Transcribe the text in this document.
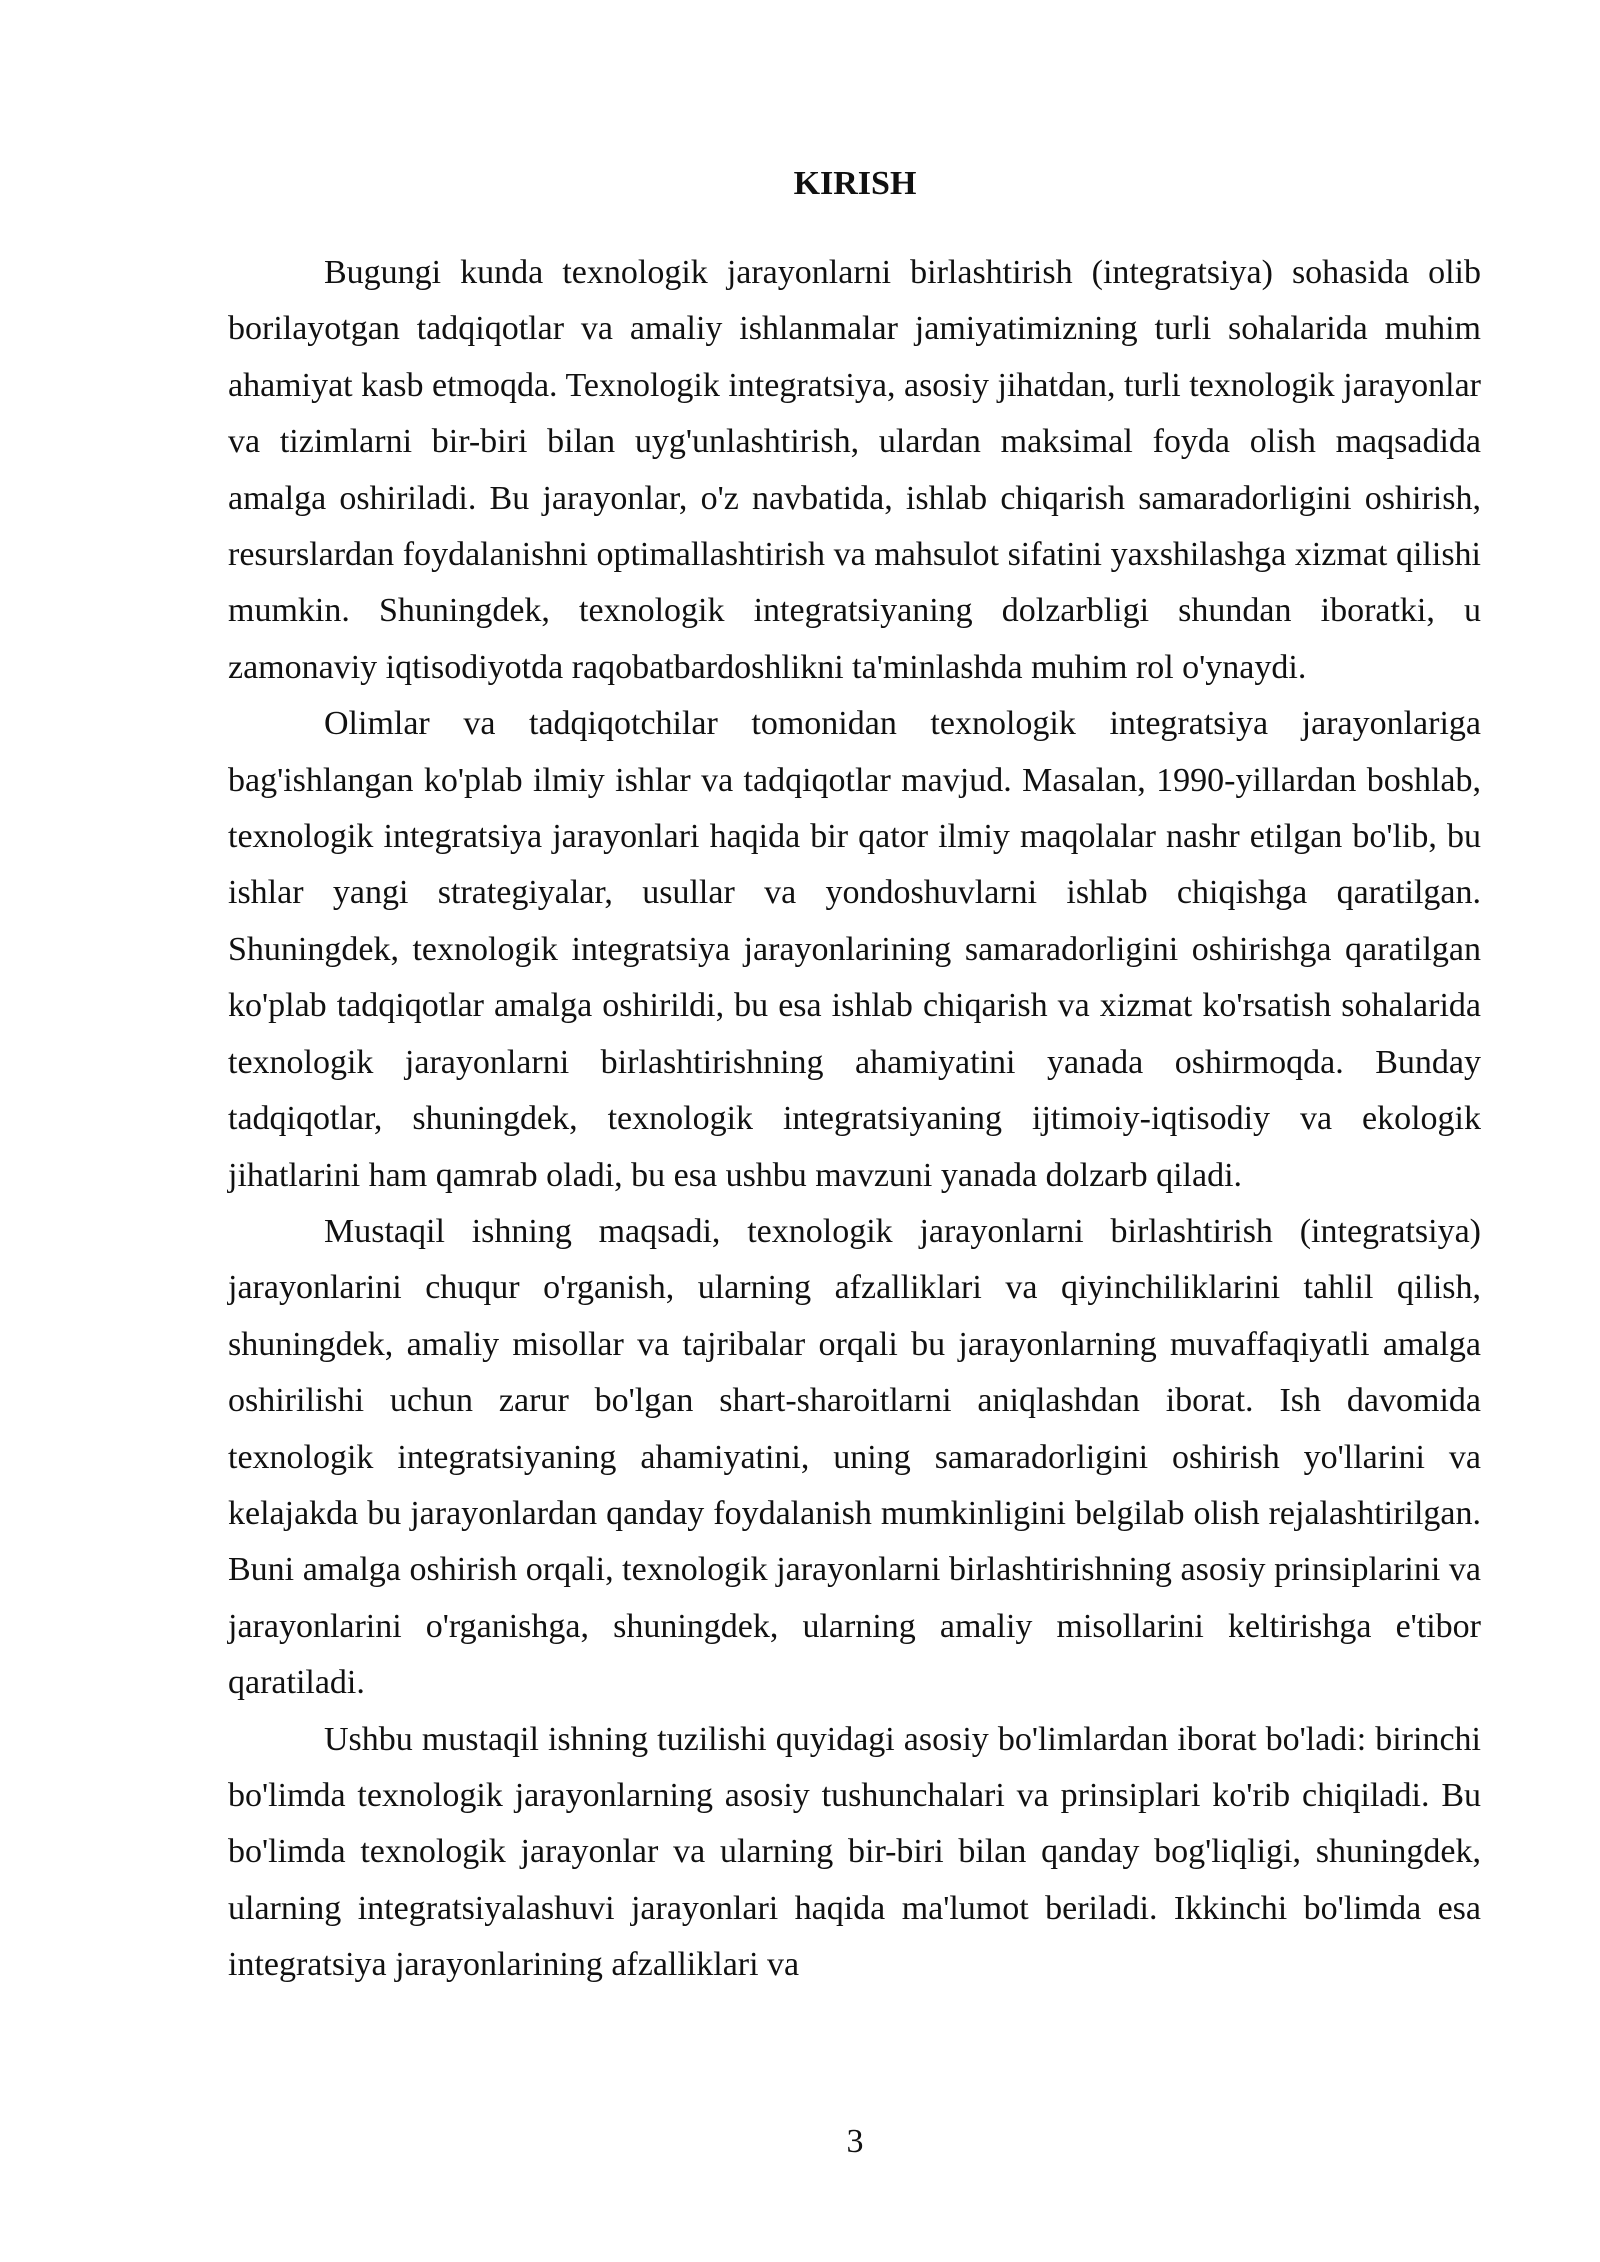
KIRISH

Bugungi kunda texnologik jarayonlarni birlashtirish (integratsiya) sohasida olib borilayotgan tadqiqotlar va amaliy ishlanmalar jamiyatimizning turli sohalarida muhim ahamiyat kasb etmoqda. Texnologik integratsiya, asosiy jihatdan, turli texnologik jarayonlar va tizimlarni bir-biri bilan uyg'unlashtirish, ulardan maksimal foyda olish maqsadida amalga oshiriladi. Bu jarayonlar, o'z navbatida, ishlab chiqarish samaradorligini oshirish, resurslardan foydalanishni optimallashtirish va mahsulot sifatini yaxshilashga xizmat qilishi mumkin. Shuningdek, texnologik integratsiyaning dolzarbligi shundan iboratki, u zamonaviy iqtisodiyotda raqobatbardoshlikni ta'minlashda muhim rol o'ynaydi.

Olimlar va tadqiqotchilar tomonidan texnologik integratsiya jarayonlariga bag'ishlangan ko'plab ilmiy ishlar va tadqiqotlar mavjud. Masalan, 1990-yillardan boshlab, texnologik integratsiya jarayonlari haqida bir qator ilmiy maqolalar nashr etilgan bo'lib, bu ishlar yangi strategiyalar, usullar va yondoshuvlarni ishlab chiqishga qaratilgan. Shuningdek, texnologik integratsiya jarayonlarining samaradorligini oshirishga qaratilgan ko'plab tadqiqotlar amalga oshirildi, bu esa ishlab chiqarish va xizmat ko'rsatish sohalarida texnologik jarayonlarni birlashtirishning ahamiyatini yanada oshirmoqda. Bunday tadqiqotlar, shuningdek, texnologik integratsiyaning ijtimoiy-iqtisodiy va ekologik jihatlarini ham qamrab oladi, bu esa ushbu mavzuni yanada dolzarb qiladi.

Mustaqil ishning maqsadi, texnologik jarayonlarni birlashtirish (integratsiya) jarayonlarini chuqur o'rganish, ularning afzalliklari va qiyinchiliklarini tahlil qilish, shuningdek, amaliy misollar va tajribalar orqali bu jarayonlarning muvaffaqiyatli amalga oshirilishi uchun zarur bo'lgan shart-sharoitlarni aniqlashdan iborat. Ish davomida texnologik integratsiyaning ahamiyatini, uning samaradorligini oshirish yo'llarini va kelajakda bu jarayonlardan qanday foydalanish mumkinligini belgilab olish rejalashtirilgan. Buni amalga oshirish orqali, texnologik jarayonlarni birlashtirishning asosiy prinsiplarini va jarayonlarini o'rganishga, shuningdek, ularning amaliy misollarini keltirishga e'tibor qaratiladi.

Ushbu mustaqil ishning tuzilishi quyidagi asosiy bo'limlardan iborat bo'ladi: birinchi bo'limda texnologik jarayonlarning asosiy tushunchalari va prinsiplari ko'rib chiqiladi. Bu bo'limda texnologik jarayonlar va ularning bir-biri bilan qanday bog'liqligi, shuningdek, ularning integratsiyalashuvi jarayonlari haqida ma'lumot beriladi. Ikkinchi bo'limda esa integratsiya jarayonlarining afzalliklari va

3
